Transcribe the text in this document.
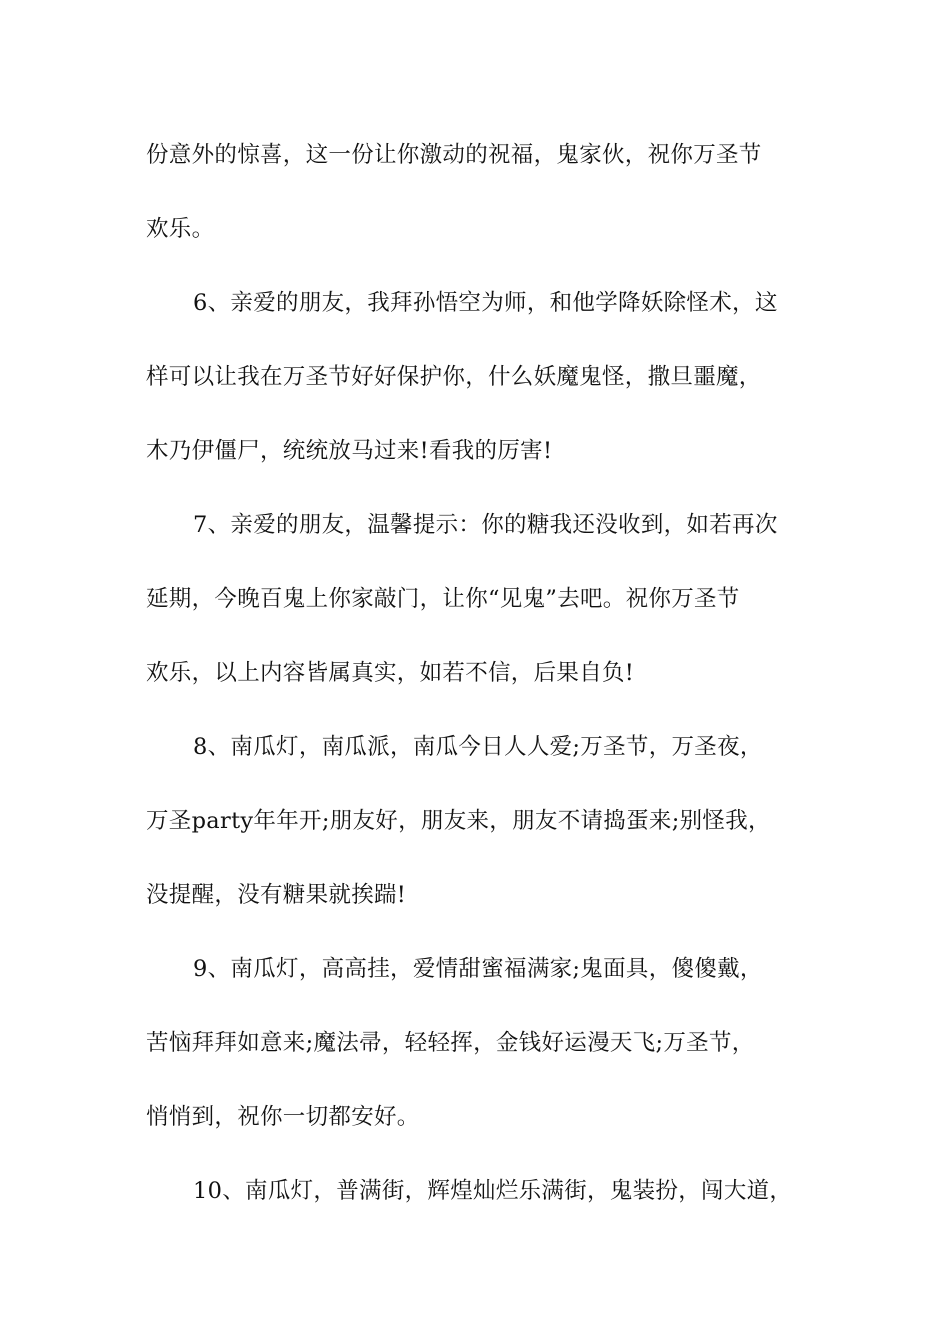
份意外的惊喜，这一份让你激动的祝福，鬼家伙，祝你万圣节
欢乐。
6、亲爱的朋友，我拜孙悟空为师，和他学降妖除怪术，这
样可以让我在万圣节好好保护你，什么妖魔鬼怪，撒旦噩魔，
木乃伊僵尸，统统放马过来!看我的厉害!
7、亲爱的朋友，温馨提示：你的糖我还没收到，如若再次
延期，今晚百鬼上你家敲门，让你“见鬼”去吧。祝你万圣节
欢乐，以上内容皆属真实，如若不信，后果自负!
8、南瓜灯，南瓜派，南瓜今日人人爱;万圣节，万圣夜，
万圣party年年开;朋友好，朋友来，朋友不请捣蛋来;别怪我，
没提醒，没有糖果就挨踹!
9、南瓜灯，高高挂，爱情甜蜜福满家;鬼面具，傻傻戴，
苦恼拜拜如意来;魔法帚，轻轻挥，金钱好运漫天飞;万圣节，
悄悄到，祝你一切都安好。
10、南瓜灯，普满街，辉煌灿烂乐满街，鬼装扮，闯大道，
